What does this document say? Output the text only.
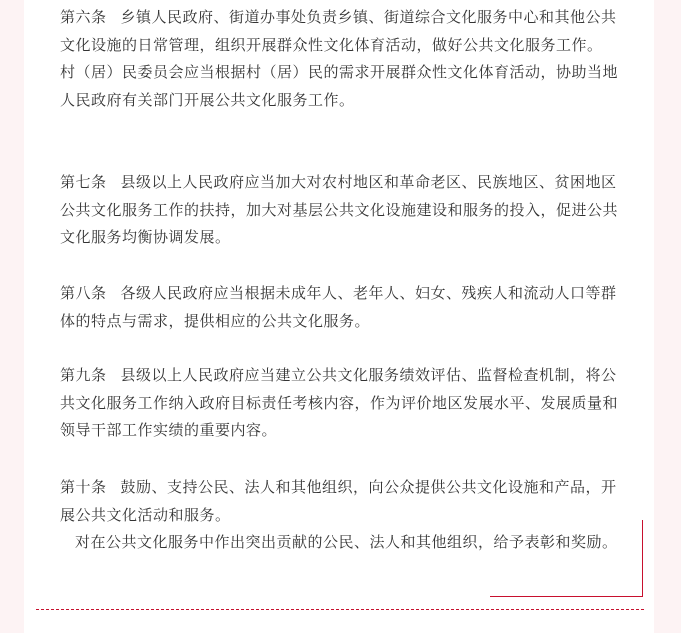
第六条 乡镇人民政府、街道办事处负责乡镇、街道综合文化服务中心和其他公共文化设施的日常管理，组织开展群众性文化体育活动，做好公共文化服务工作。
村（居）民委员会应当根据村（居）民的需求开展群众性文化体育活动，协助当地人民政府有关部门开展公共文化服务工作。
第七条 县级以上人民政府应当加大对农村地区和革命老区、民族地区、贫困地区公共文化服务工作的扶持，加大对基层公共文化设施建设和服务的投入，促进公共文化服务均衡协调发展。
第八条 各级人民政府应当根据未成年人、老年人、妇女、残疾人和流动人口等群体的特点与需求，提供相应的公共文化服务。
第九条 县级以上人民政府应当建立公共文化服务绩效评估、监督检查机制，将公共文化服务工作纳入政府目标责任考核内容，作为评价地区发展水平、发展质量和领导干部工作实绩的重要内容。
第十条 鼓励、支持公民、法人和其他组织，向公众提供公共文化设施和产品，开展公共文化活动和服务。
对在公共文化服务中作出突出贡献的公民、法人和其他组织，给予表彰和奖励。
